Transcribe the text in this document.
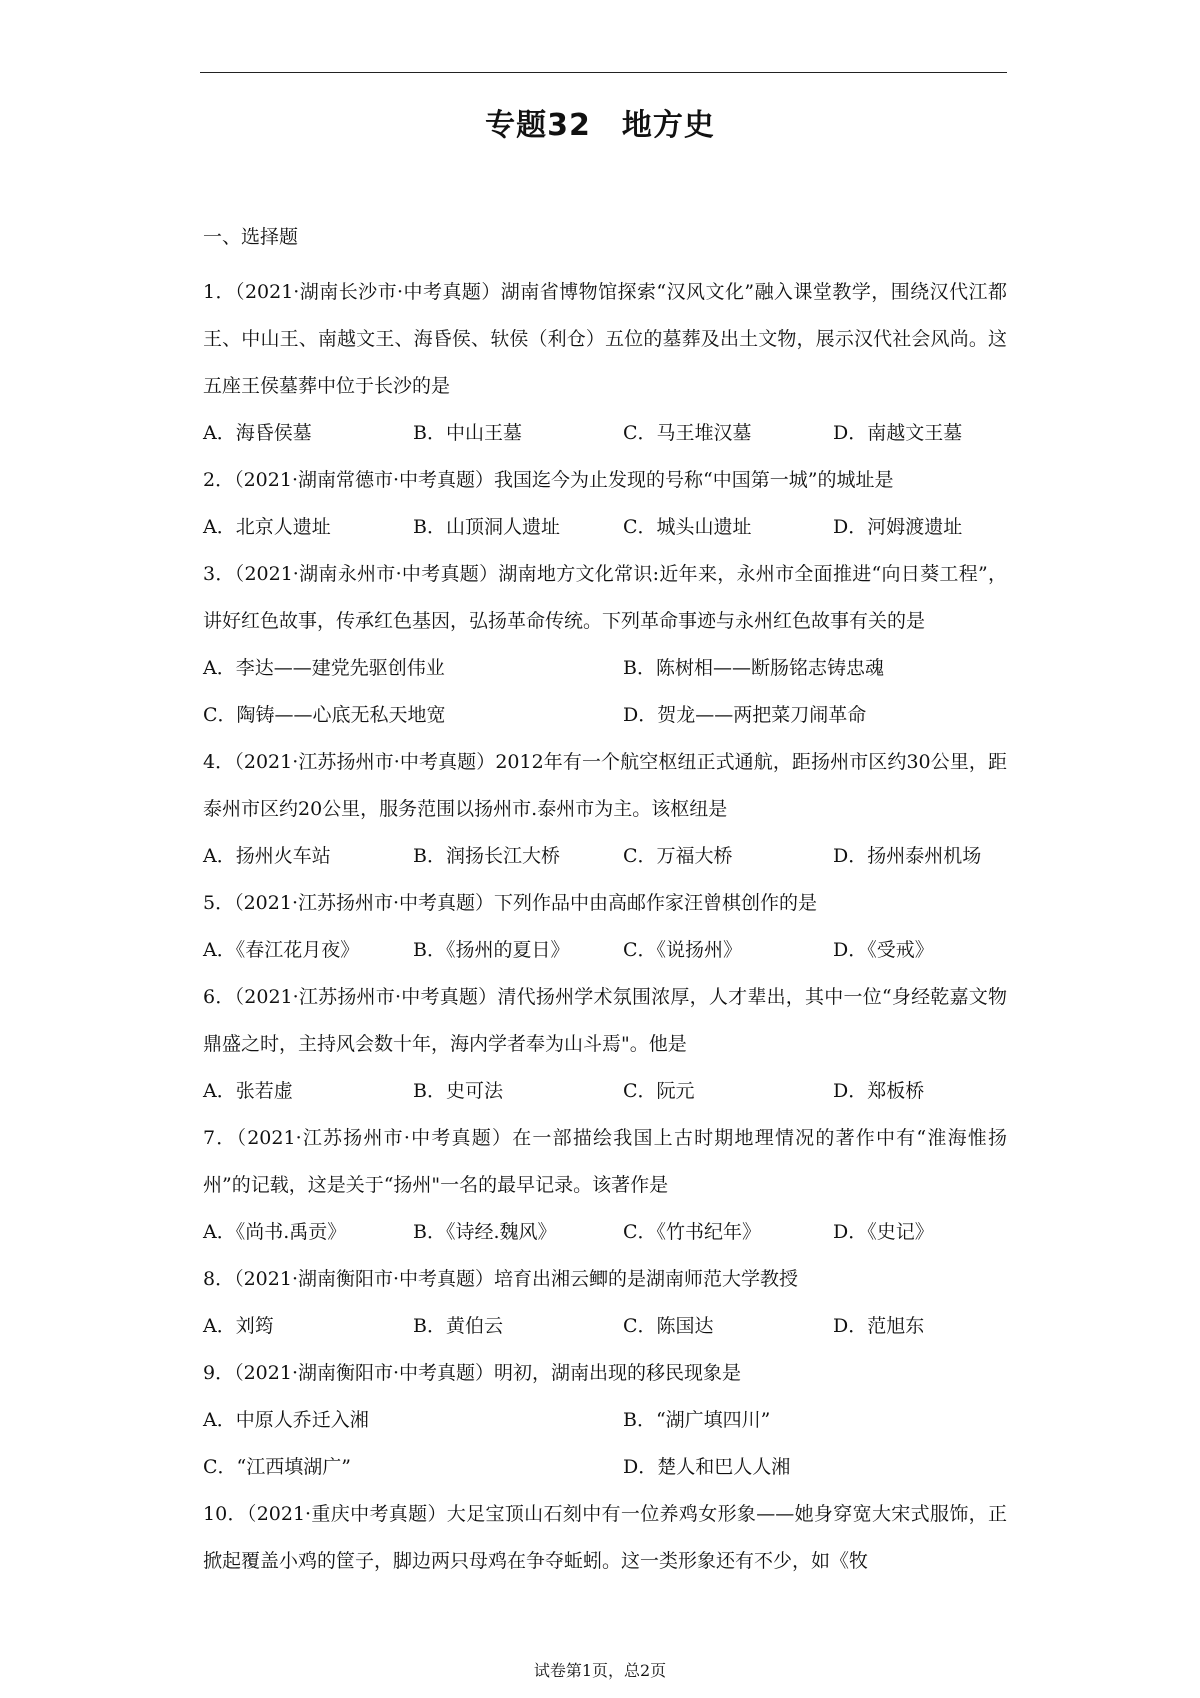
专题32　地方史
一、选择题

1．（2021·湖南长沙市·中考真题）湖南省博物馆探索“汉风文化”融入课堂教学，围绕汉代江都王、中山王、南越文王、海昏侯、轪侯（利仓）五位的墓葬及出土文物，展示汉代社会风尚。这五座王侯墓葬中位于长沙的是

A．海昏侯墓	B．中山王墓	C．马王堆汉墓	D．南越文王墓

2．（2021·湖南常德市·中考真题）我国迄今为止发现的号称“中国第一城”的城址是

A．北京人遗址	B．山顶洞人遗址	C．城头山遗址	D．河姆渡遗址

3．（2021·湖南永州市·中考真题）湖南地方文化常识:近年来，永州市全面推进“向日葵工程”，讲好红色故事，传承红色基因，弘扬革命传统。下列革命事迹与永州红色故事有关的是

A．李达——建党先驱创伟业	B．陈树相——断肠铭志铸忠魂
C．陶铸——心底无私天地宽	D．贺龙——两把菜刀闹革命

4．（2021·江苏扬州市·中考真题）2012年有一个航空枢纽正式通航，距扬州市区约30公里，距泰州市区约20公里，服务范围以扬州市.泰州市为主。该枢纽是

A．扬州火车站	B．润扬长江大桥	C．万福大桥	D．扬州泰州机场

5．（2021·江苏扬州市·中考真题）下列作品中由高邮作家汪曾棋创作的是

A．《春江花月夜》	B．《扬州的夏日》	C．《说扬州》	D．《受戒》

6．（2021·江苏扬州市·中考真题）清代扬州学术氛围浓厚，人才辈出，其中一位“身经乾嘉文物鼎盛之时，主持风会数十年，海内学者奉为山斗焉"。他是

A．张若虚	B．史可法	C．阮元	D．郑板桥

7．（2021·江苏扬州市·中考真题）在一部描绘我国上古时期地理情况的著作中有“淮海惟扬州”的记载，这是关于“扬州"一名的最早记录。该著作是

A．《尚书.禹贡》	B．《诗经.魏风》	C．《竹书纪年》	D．《史记》

8．（2021·湖南衡阳市·中考真题）培育出湘云鲫的是湖南师范大学教授

A．刘筠	B．黄伯云	C．陈国达	D．范旭东

9．（2021·湖南衡阳市·中考真题）明初，湖南出现的移民现象是

A．中原人乔迁入湘	B．“湖广填四川”
C．“江西填湖广”	D．楚人和巴人人湘

10．（2021·重庆中考真题）大足宝顶山石刻中有一位养鸡女形象——她身穿宽大宋式服饰，正掀起覆盖小鸡的筐子，脚边两只母鸡在争夺蚯蚓。这一类形象还有不少，如《牧

试卷第1页，总2页
